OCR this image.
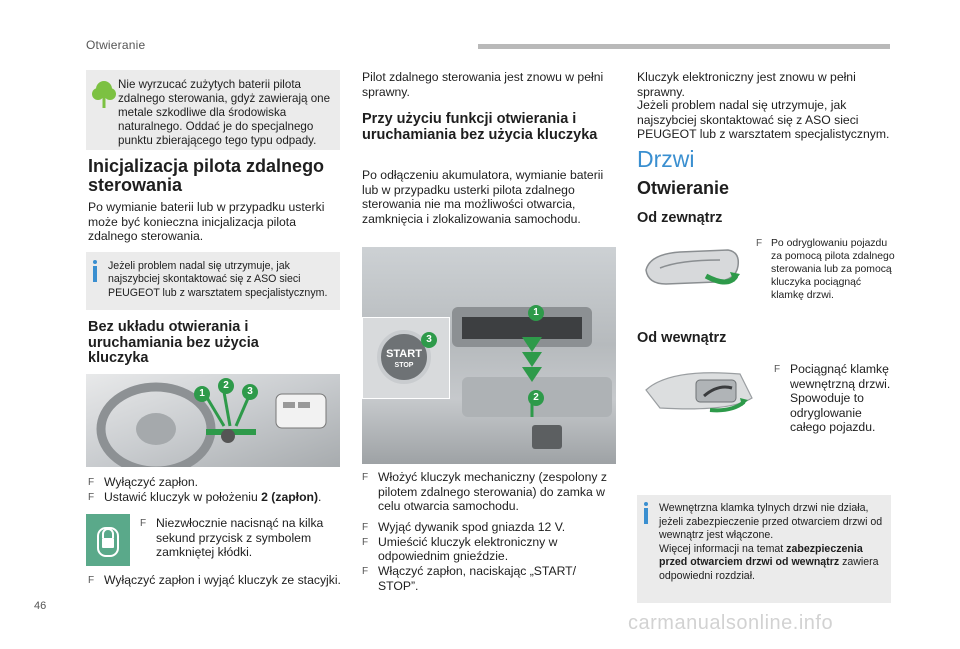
Otwieranie
Nie wyrzucać zużytych baterii pilota zdalnego sterowania, gdyż zawierają one metale szkodliwe dla środowiska naturalnego. Oddać je do specjalnego punktu zbierającego tego typu odpady.
Inicjalizacja pilota zdalnego sterowania
Po wymianie baterii lub w przypadku usterki może być konieczna inicjalizacja pilota zdalnego sterowania.
Jeżeli problem nadal się utrzymuje, jak najszybciej skontaktować się z ASO sieci PEUGEOT lub z warsztatem specjalistycznym.
Bez układu otwierania i uruchamiania bez użycia kluczyka
1
2
3
F Wyłączyć zapłon.
F Ustawić kluczyk w położeniu 2 (zapłon).
F Niezwłocznie nacisnąć na kilka sekund przycisk z symbolem zamkniętej kłódki.
F Wyłączyć zapłon i wyjąć kluczyk ze stacyjki.
Pilot zdalnego sterowania jest znowu w pełni sprawny.
Przy użyciu funkcji otwierania i uruchamiania bez użycia kluczyka
Po odłączeniu akumulatora, wymianie baterii lub w przypadku usterki pilota zdalnego sterowania nie ma możliwości otwarcia, zamknięcia i zlokalizowania samochodu.
START
STOP
3
1
2
F Włożyć kluczyk mechaniczny (zespolony z pilotem zdalnego sterowania) do zamka w celu otwarcia samochodu.
F Wyjąć dywanik spod gniazda 12 V.
F Umieścić kluczyk elektroniczny w odpowiednim gnieździe.
F Włączyć zapłon, naciskając „START/ STOP”.
Kluczyk elektroniczny jest znowu w pełni sprawny.
Jeżeli problem nadal się utrzymuje, jak najszybciej skontaktować się z ASO sieci PEUGEOT lub z warsztatem specjalistycznym.
Drzwi
Otwieranie
Od zewnątrz
F Po odryglowaniu pojazdu za pomocą pilota zdalnego sterowania lub za pomocą kluczyka pociągnąć klamkę drzwi.
Od wewnątrz
F Pociągnąć klamkę wewnętrzną drzwi. Spowoduje to odryglowanie całego pojazdu.
Wewnętrzna klamka tylnych drzwi nie działa, jeżeli zabezpieczenie przed otwarciem drzwi od wewnątrz jest włączone.
Więcej informacji na temat zabezpieczenia przed otwarciem drzwi od wewnątrz zawiera odpowiedni rozdział.
46
carmanualsonline.info
